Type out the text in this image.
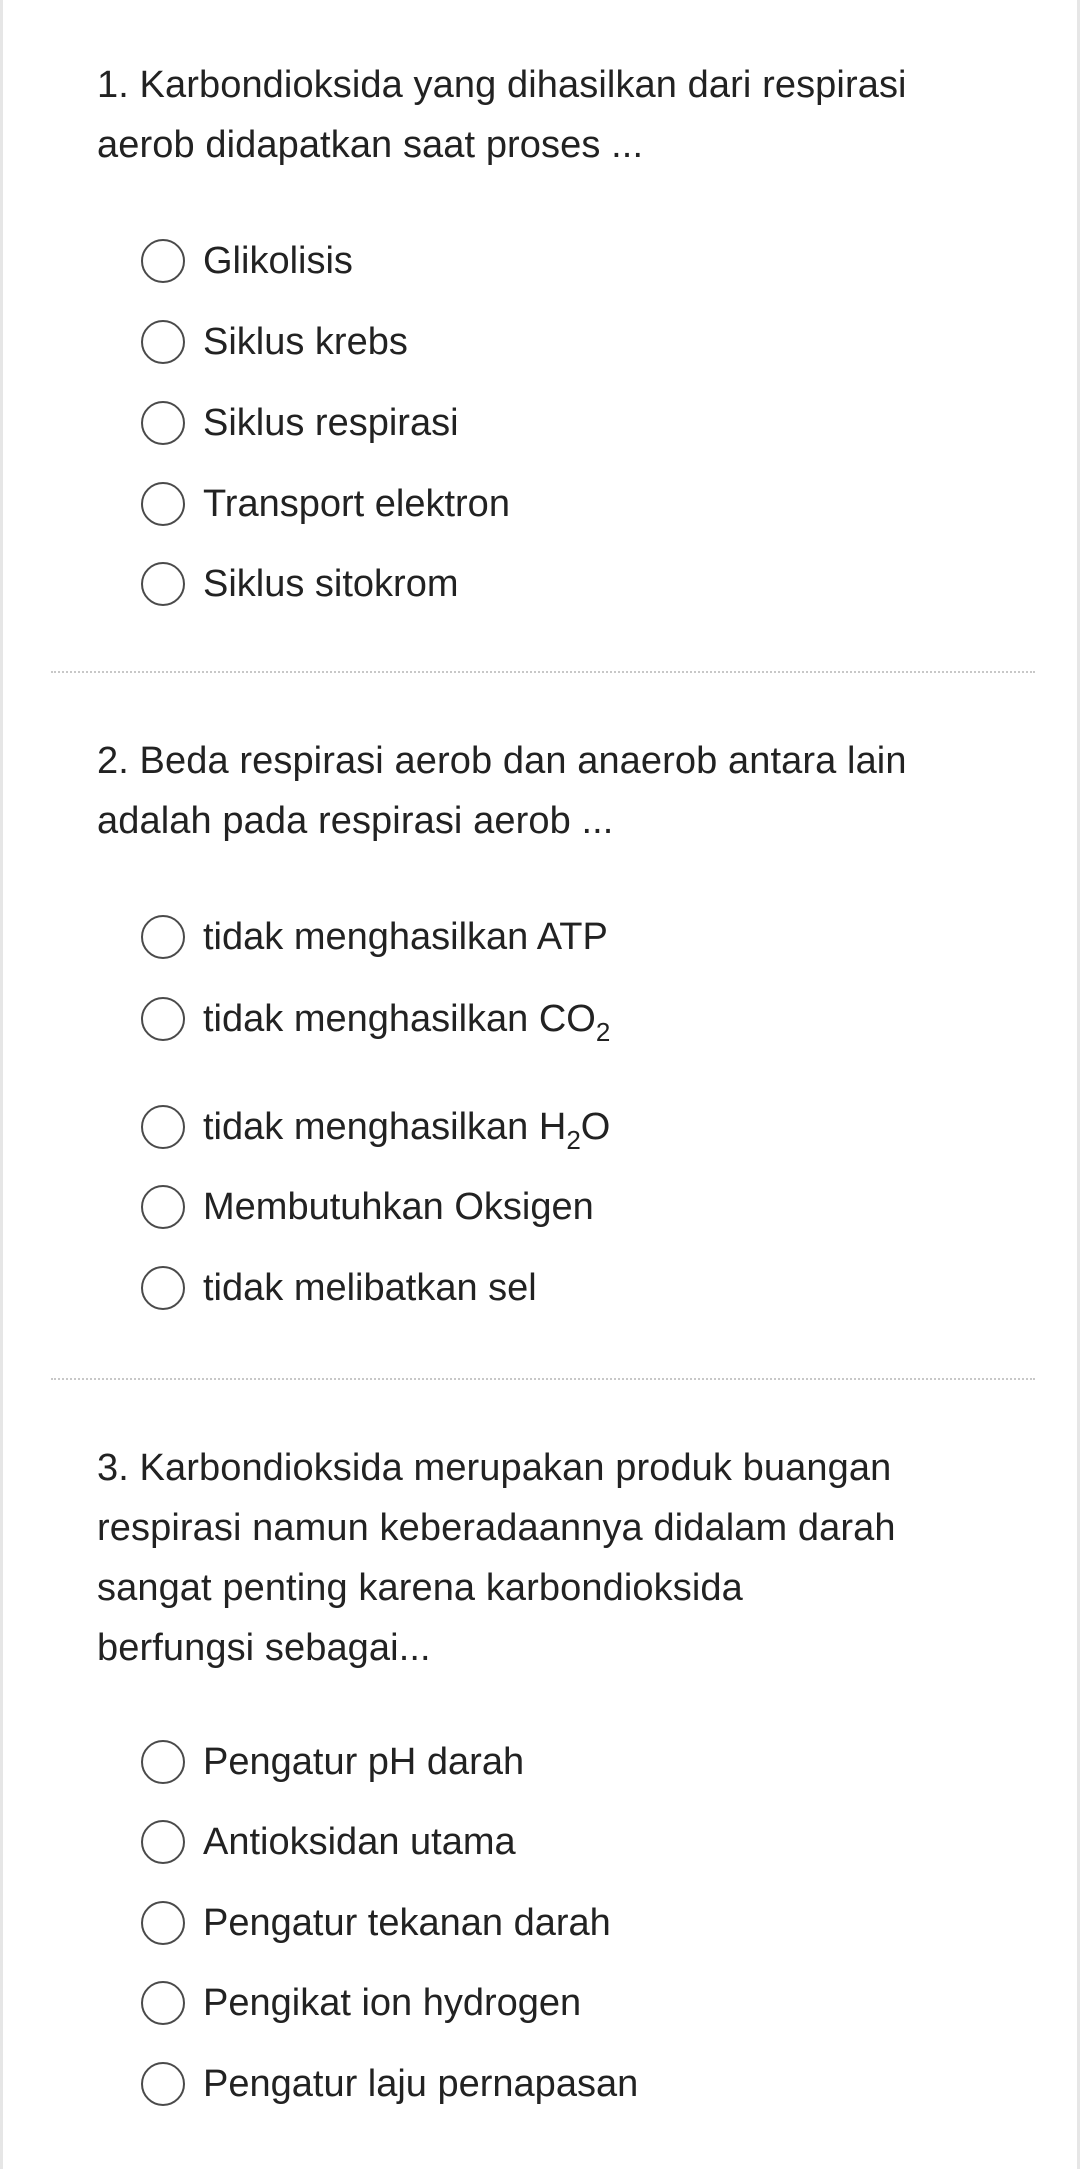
1. Karbondioksida yang dihasilkan dari respirasi
aerob didapatkan saat proses ...
Glikolisis
Siklus krebs
Siklus respirasi
Transport elektron
Siklus sitokrom
2. Beda respirasi aerob dan anaerob antara lain
adalah pada respirasi aerob ...
tidak menghasilkan ATP
tidak menghasilkan $CO_2$
tidak menghasilkan $H_2O$
Membutuhkan Oksigen
tidak melibatkan sel
3. Karbondioksida merupakan produk buangan
respirasi namun keberadaannya didalam darah
sangat penting karena karbondioksida
berfungsi sebagai...
Pengatur pH darah
Antioksidan utama
Pengatur tekanan darah
Pengikat ion hydrogen
Pengatur laju pernapasan
